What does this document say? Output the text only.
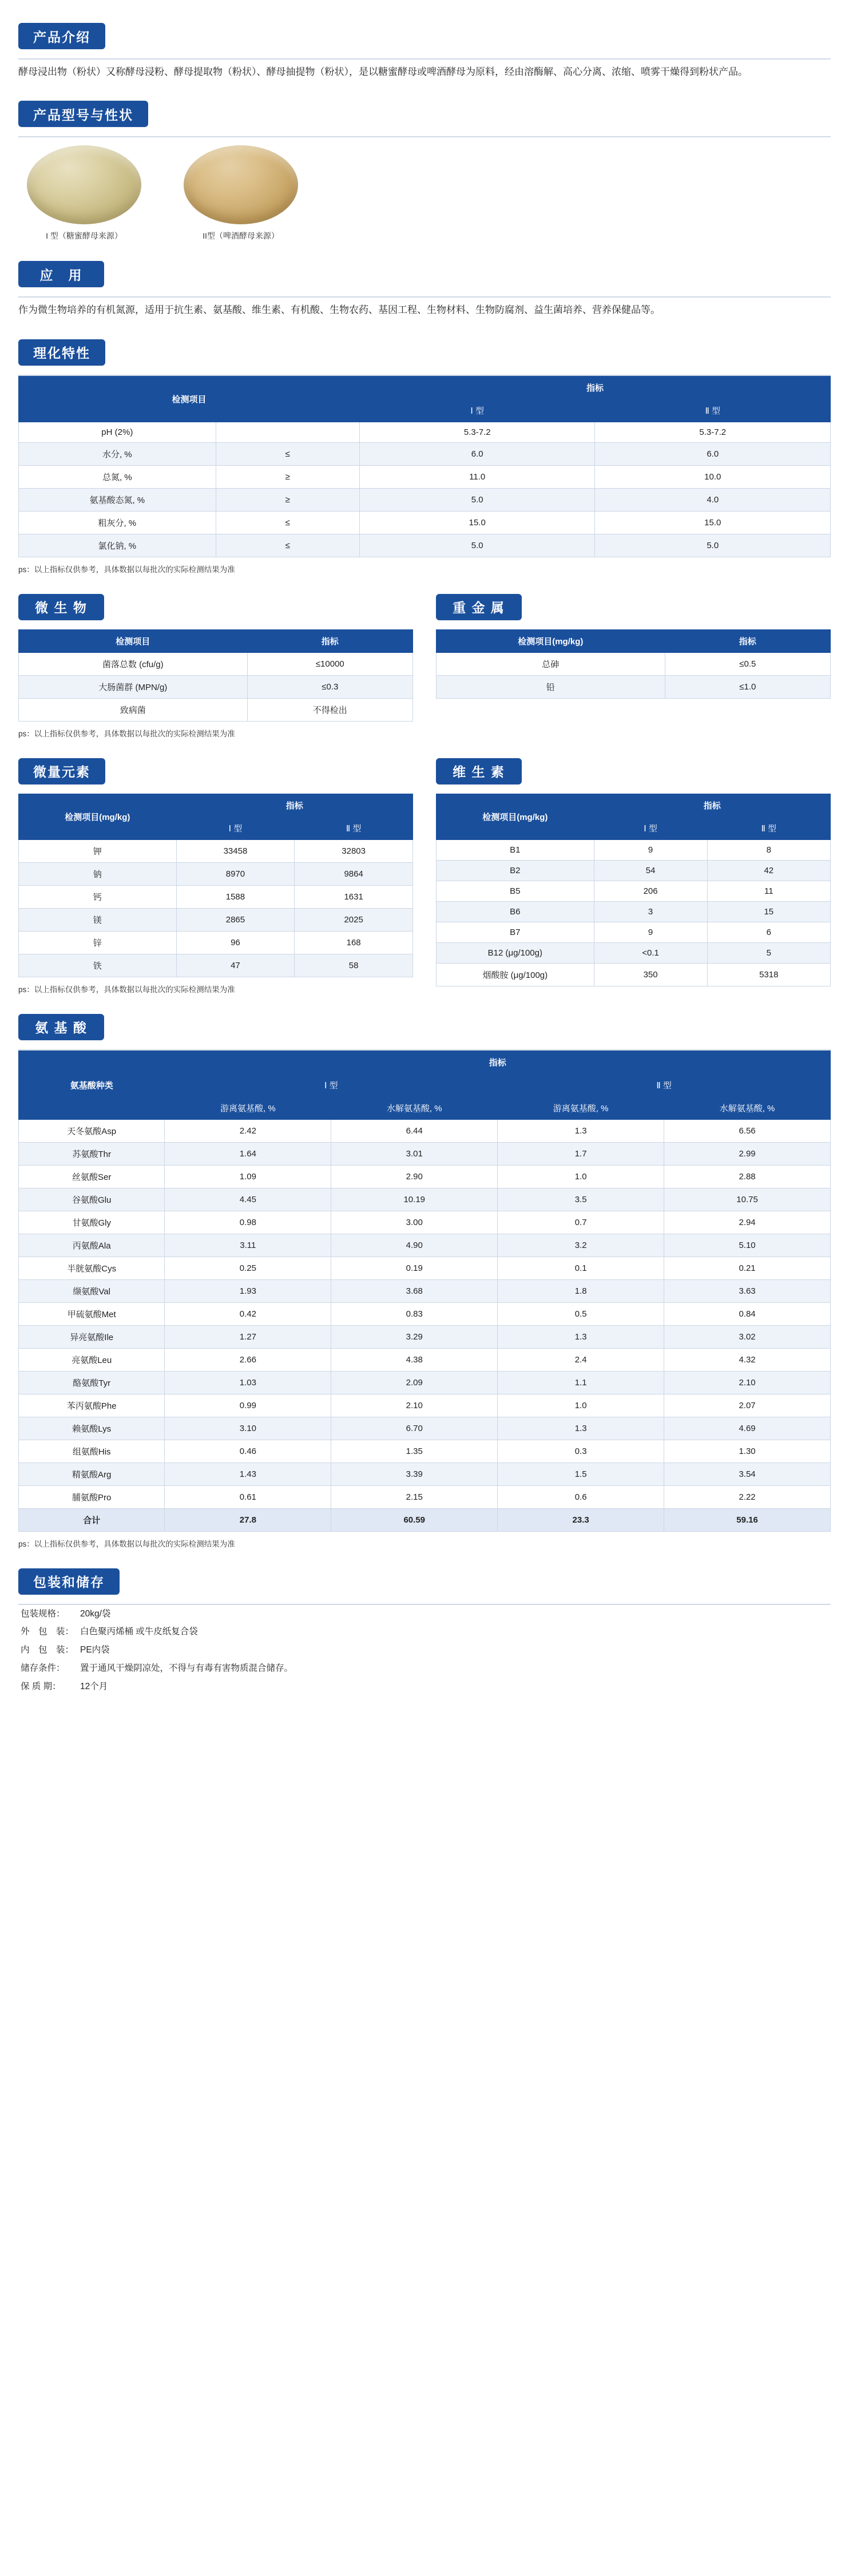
产品介绍

酵母浸出物（粉状）又称酵母浸粉、酵母提取物（粉状）、酵母抽提物（粉状），是以糖蜜酵母或啤酒酵母为原料，经由溶酶解、高心分离、浓缩、喷雾干燥得到粉状产品。

产品型号与性状
I 型（糖蜜酵母来源）	II型（啤酒酵母来源）
应　用

作为微生物培养的有机氮源，适用于抗生素、氨基酸、维生素、有机酸、生物农药、基因工程、生物材料、生物防腐剂、益生菌培养、营养保健品等。

理化特性
检测项目		指标	
		Ⅰ 型	Ⅱ 型
pH (2%)		5.3-7.2	5.3-7.2
水分, %	≤	6.0	6.0
总氮, %	≥	11.0	10.0
氨基酸态氮, %	≥	5.0	4.0
粗灰分, %	≤	15.0	15.0
氯化钠, %	≤	5.0	5.0

ps：以上指标仅供参考，具体数据以每批次的实际检测结果为准

微 生 物
检测项目	指标
菌落总数 (cfu/g)	≤10000
大肠菌群 (MPN/g)	≤0.3
致病菌	不得检出

ps：以上指标仅供参考，具体数据以每批次的实际检测结果为准

重 金 属
检测项目(mg/kg)	指标
总砷	≤0.5
铅	≤1.0
微量元素
检测项目(mg/kg)	指标	
	Ⅰ 型	Ⅱ 型
钾	33458	32803
钠	8970	9864
钙	1588	1631
镁	2865	2025
锌	96	168
铁	47	58

ps：以上指标仅供参考，具体数据以每批次的实际检测结果为准

维 生 素
检测项目(mg/kg)	指标	
	Ⅰ 型	Ⅱ 型
B1	9	8
B2	54	42
B5	206	11
B6	3	15
B7	9	6
B12 (μg/100g)	<0.1	5
烟酸胺 (μg/100g)	350	5318
氨 基 酸
氨基酸种类	指标			
	Ⅰ 型		Ⅱ 型	
	游离氨基酸, %	水解氨基酸, %	游离氨基酸, %	水解氨基酸, %
天冬氨酸Asp	2.42	6.44	1.3	6.56
苏氨酸Thr	1.64	3.01	1.7	2.99
丝氨酸Ser	1.09	2.90	1.0	2.88
谷氨酸Glu	4.45	10.19	3.5	10.75
甘氨酸Gly	0.98	3.00	0.7	2.94
丙氨酸Ala	3.11	4.90	3.2	5.10
半胱氨酸Cys	0.25	0.19	0.1	0.21
缬氨酸Val	1.93	3.68	1.8	3.63
甲硫氨酸Met	0.42	0.83	0.5	0.84
异亮氨酸Ile	1.27	3.29	1.3	3.02
亮氨酸Leu	2.66	4.38	2.4	4.32
酪氨酸Tyr	1.03	2.09	1.1	2.10
苯丙氨酸Phe	0.99	2.10	1.0	2.07
赖氨酸Lys	3.10	6.70	1.3	4.69
组氨酸His	0.46	1.35	0.3	1.30
精氨酸Arg	1.43	3.39	1.5	3.54
脯氨酸Pro	0.61	2.15	0.6	2.22
合计	27.8	60.59	23.3	59.16

ps：以上指标仅供参考，具体数据以每批次的实际检测结果为准

包装和储存
包装规格： 20kg/袋
外　包　装： 白色聚丙烯桶 或牛皮纸复合袋
内　包　装： PE内袋
储存条件： 置于通风干燥阴凉处，不得与有毒有害物质混合储存。
保 质 期： 12个月
